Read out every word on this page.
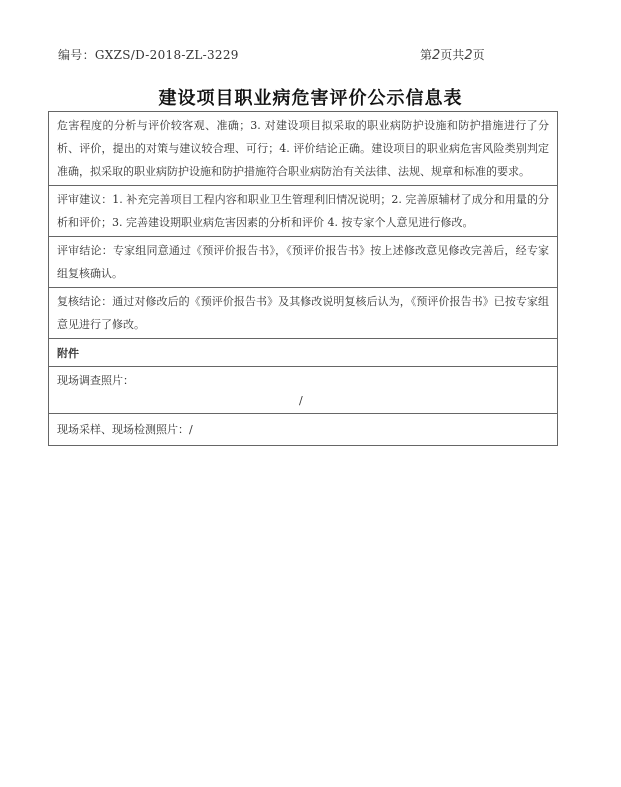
编号：GXZS/D-2018-ZL-3229	第2页共2页
建设项目职业病危害评价公示信息表
危害程度的分析与评价较客观、准确；3. 对建设项目拟采取的职业病防护设施和防护措施进行了分析、评价，提出的对策与建议较合理、可行；4. 评价结论正确。建设项目的职业病危害风险类别判定准确，拟采取的职业病防护设施和防护措施符合职业病防治有关法律、法规、规章和标准的要求。
评审建议：1. 补充完善项目工程内容和职业卫生管理利旧情况说明；2. 完善原辅材了成分和用量的分析和评价；3. 完善建设期职业病危害因素的分析和评价 4. 按专家个人意见进行修改。
评审结论：专家组同意通过《预评价报告书》，《预评价报告书》按上述修改意见修改完善后，经专家组复核确认。
复核结论：通过对修改后的《预评价报告书》及其修改说明复核后认为，《预评价报告书》已按专家组意见进行了修改。
附件
现场调查照片：
/

现场采样、现场检测照片：/
